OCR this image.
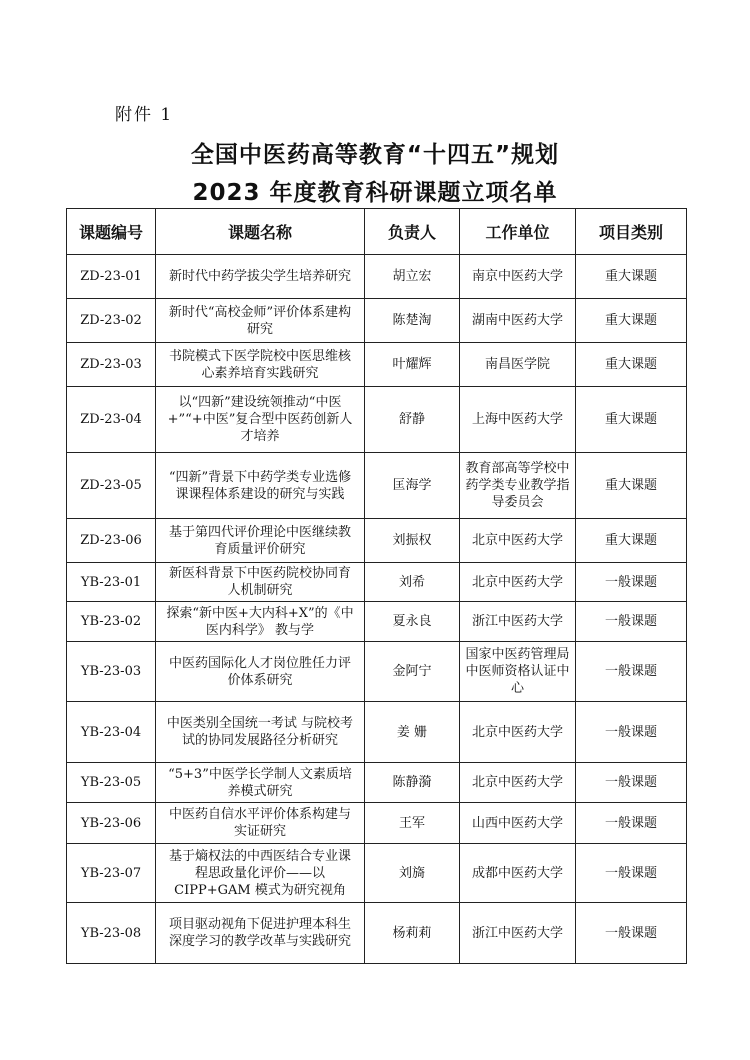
附件 1
全国中医药高等教育“十四五”规划
2023 年度教育科研课题立项名单
课题编号	课题名称	负责人	工作单位	项目类别
ZD-23-01	新时代中药学拔尖学生培养研究	胡立宏	南京中医药大学	重大课题
ZD-23-02	新时代“高校金师”评价体系建构研究	陈楚淘	湖南中医药大学	重大课题
ZD-23-03	书院模式下医学院校中医思维核心素养培育实践研究	叶耀辉	南昌医学院	重大课题
ZD-23-04	以“四新”建设统领推动“中医+”“+中医”复合型中医药创新人才培养	舒静	上海中医药大学	重大课题
ZD-23-05	“四新”背景下中药学类专业选修课课程体系建设的研究与实践	匡海学	教育部高等学校中药学类专业教学指导委员会	重大课题
ZD-23-06	基于第四代评价理论中医继续教育质量评价研究	刘振权	北京中医药大学	重大课题
YB-23-01	新医科背景下中医药院校协同育人机制研究	刘希	北京中医药大学	一般课题
YB-23-02	探索“新中医+大内科+X”的《中医内科学》 教与学	夏永良	浙江中医药大学	一般课题
YB-23-03	中医药国际化人才岗位胜任力评价体系研究	金阿宁	国家中医药管理局中医师资格认证中心	一般课题
YB-23-04	中医类别全国统一考试 与院校考试的协同发展路径分析研究	姜 姗	北京中医药大学	一般课题
YB-23-05	“5+3”中医学长学制人文素质培养模式研究	陈静漪	北京中医药大学	一般课题
YB-23-06	中医药自信水平评价体系构建与实证研究	王军	山西中医药大学	一般课题
YB-23-07	基于熵权法的中西医结合专业课程思政量化评价——以 CIPP+GAM 模式为研究视角	刘旖	成都中医药大学	一般课题
YB-23-08	项目驱动视角下促进护理本科生深度学习的教学改革与实践研究	杨莉莉	浙江中医药大学	一般课题
